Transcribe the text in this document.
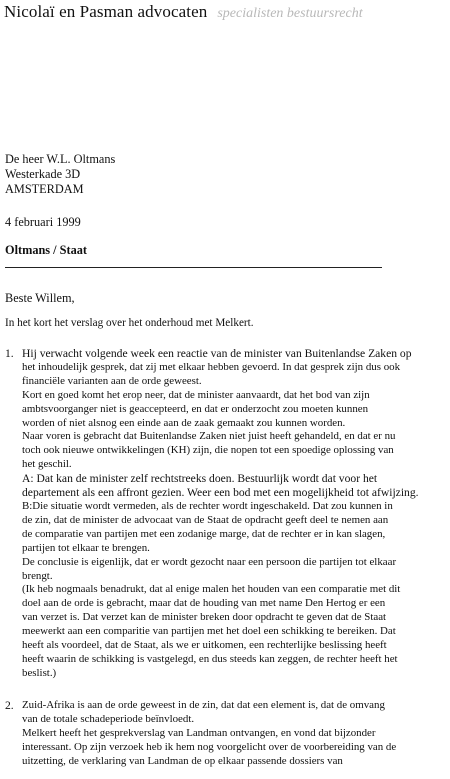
Nicolaï en Pasman advocaten specialisten bestuursrecht
De heer W.L. Oltmans
Westerkade 3D
AMSTERDAM
4 februari 1999
Oltmans / Staat
Beste Willem,
In het kort het verslag over het onderhoud met Melkert.
1. Hij verwacht volgende week een reactie van de minister van Buitenlandse Zaken op

het inhoudelijk gesprek, dat zij met elkaar hebben gevoerd. In dat gesprek zijn dus ook

financiële varianten aan de orde geweest.

Kort en goed komt het erop neer, dat de minister aanvaardt, dat het bod van zijn

ambtsvoorganger niet is geaccepteerd, en dat er onderzocht zou moeten kunnen

worden of niet alsnog een einde aan de zaak gemaakt zou kunnen worden.

Naar voren is gebracht dat Buitenlandse Zaken niet juist heeft gehandeld, en dat er nu

toch ook nieuwe ontwikkelingen (KH) zijn, die nopen tot een spoedige oplossing van

het geschil.

A: Dat kan de minister zelf rechtstreeks doen. Bestuurlijk wordt dat voor het

departement als een affront gezien. Weer een bod met een mogelijkheid tot afwijzing.

B:Die situatie wordt vermeden, als de rechter wordt ingeschakeld. Dat zou kunnen in

de zin, dat de minister de advocaat van de Staat de opdracht geeft deel te nemen aan

de comparatie van partijen met een zodanige marge, dat de rechter er in kan slagen,

partijen tot elkaar te brengen.

De conclusie is eigenlijk, dat er wordt gezocht naar een persoon die partijen tot elkaar

brengt.

(Ik heb nogmaals benadrukt, dat al enige malen het houden van een comparatie met dit

doel aan de orde is gebracht, maar dat de houding van met name Den Hertog er een

van verzet is. Dat verzet kan de minister breken door opdracht te geven dat de Staat

meewerkt aan een comparitie van partijen met het doel een schikking te bereiken. Dat

heeft als voordeel, dat de Staat, als we er uitkomen, een rechterlijke beslissing heeft

heeft waarin de schikking is vastgelegd, en dus steeds kan zeggen, de rechter heeft het

beslist.)

2. Zuid-Afrika is aan de orde geweest in de zin, dat dat een element is, dat de omvang

van de totale schadeperiode beïnvloedt.

Melkert heeft het gesprekverslag van Landman ontvangen, en vond dat bijzonder

interessant. Op zijn verzoek heb ik hem nog voorgelicht over de voorbereiding van de

uitzetting, de verklaring van Landman de op elkaar passende dossiers van
